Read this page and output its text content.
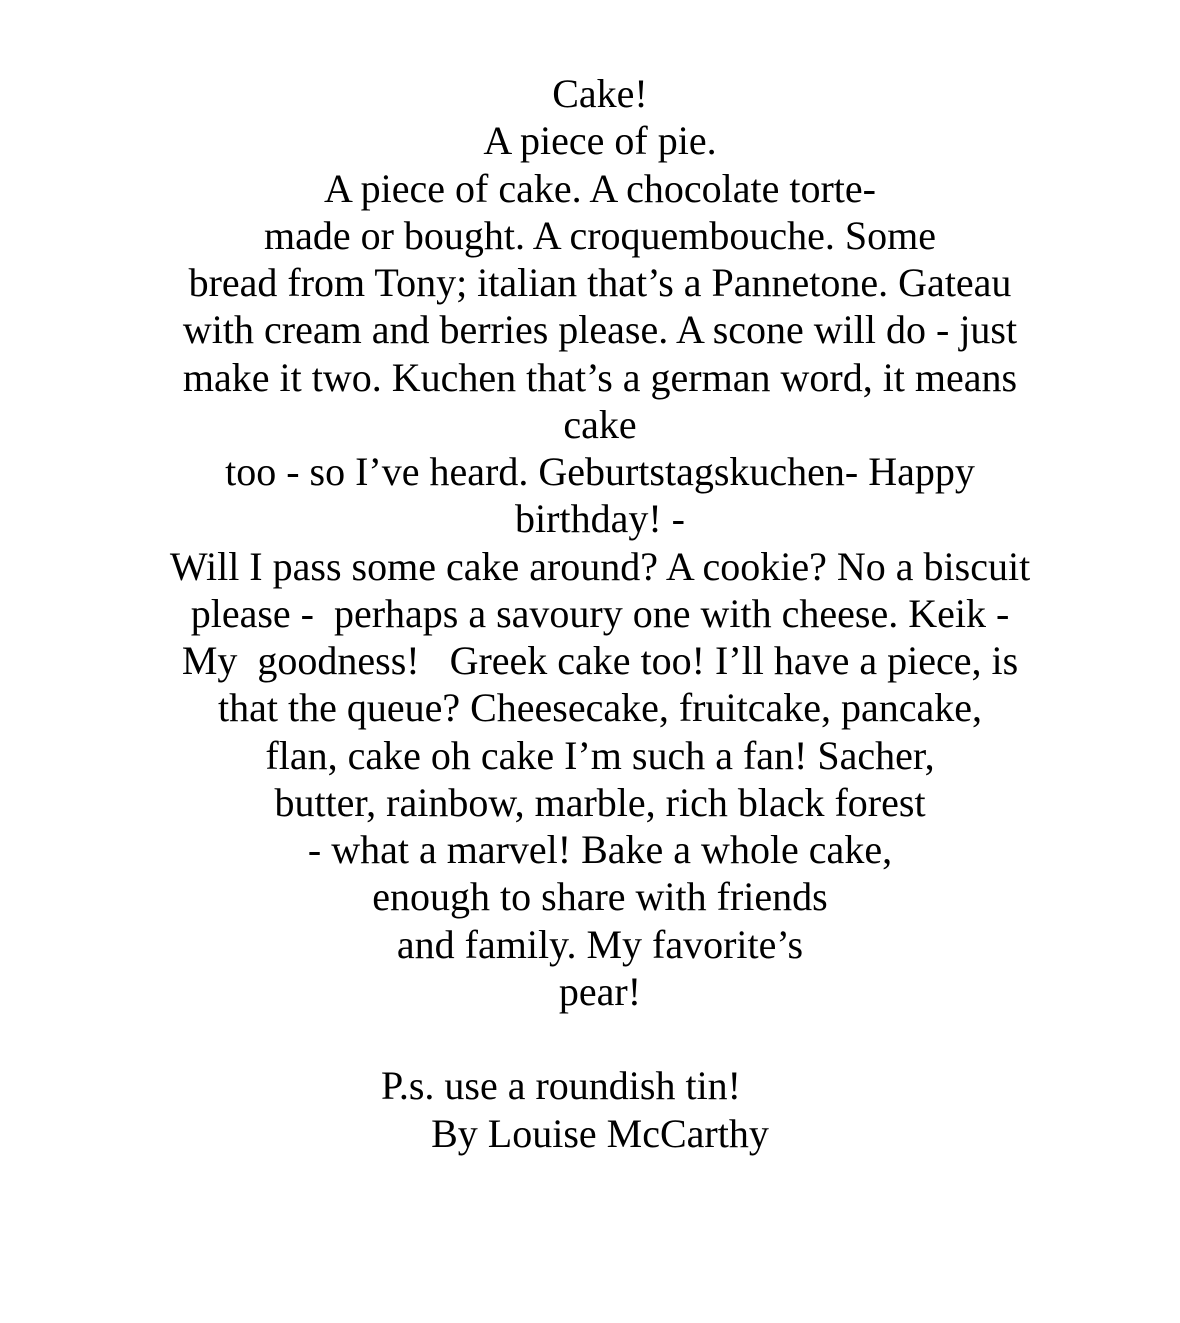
Cake!
A piece of pie.
A piece of cake. A chocolate torte-
made or bought. A croquembouche. Some
bread from Tony; italian that’s a Pannetone. Gateau
with cream and berries please. A scone will do - just
make it two. Kuchen that’s a german word, it means
cake
too - so I’ve heard. Geburtstagskuchen- Happy
birthday! -
Will I pass some cake around? A cookie? No a biscuit
please -  perhaps a savoury one with cheese. Keik -
My  goodness!   Greek cake too! I’ll have a piece, is
that the queue? Cheesecake, fruitcake, pancake,
flan, cake oh cake I’m such a fan! Sacher,
butter, rainbow, marble, rich black forest
- what a marvel! Bake a whole cake,
enough to share with friends
and family. My favorite’s
pear!
P.s. use a roundish tin!
By Louise McCarthy
